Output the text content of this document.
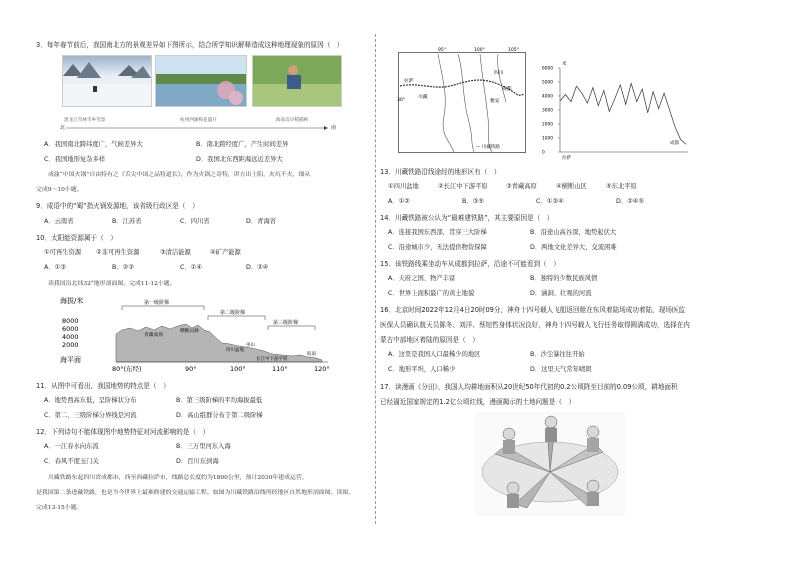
3．每年春节前后，我国南北方的景观差异如下图所示，结合所学知识解释造成这种地理现象的原因（　）

黑龙江雪林雪乡雪景	杭州西湖梅花盛开	海南岛早稻插秧
北	南

A．我国南北跨纬度广，气候差异大	B．南北跨经度广，产生时间差异

C．我国地形复杂多样	D．我国北东西距海远近差异大

成渝“中国火锅”自由特有之《舌尖中国之品特道长》，作为火锅之奇特，讲方出土阳，火坑不火，细从

完成9～10小题。

9．成语中的“蜀”指火锅发源地，该省级行政区是（　）

A．云南省	B．江苏省	C．四川省	D．青海省

10．太阳能资源属于（　）

①可再生资源 ②非可再生资源	③清洁能源	④矿产能源

A．①③	B．②③	C．①④	D．②④

读我国沿北纬32°地形剖面图，完成11-12小题。

海拔/米
8000
6000
4000
2000
海平面
第一级阶梯
第二级阶梯
第三级阶梯
青藏高原
横断山脉
四川盆地
巫山
长江中下游平原
皖南
80°(东经)	90°	100°	110°	120°

11．从图中可看出，我国地势的特点是（　）

A．地势西高东低，呈阶梯状分布	B．第三级阶梯的平均海拔最低

C．第二、三级阶梯分界线是河流	D．高山组群分布于第二级阶梯

12．下列诗句不能体现图中地势特征对河流影响的是（　）

A．一江春水向东流	B．三万里河东入海

C．春风不度玉门关	D．百川东到海

川藏铁路东起四川省成都市，西至西藏拉萨市，线路总长度约为1800公里，预计2030年建成运营，

是我国第二条进藏铁路，也是当今世界上最难修建的交通运输工程。如图为川藏铁路沿线所经地区自然地形剖面图。读图，

完成13-15小题。

95°	100°	105°
30°
拉萨
川藏
雅安
成都
四川
— 川藏铁路
米
6000
5000
4000
3000
2000
1000
0
拉萨
成都

13．川藏铁路沿线途经的地形区有（　）

①四川盆地	②长江中下游平原	③青藏高原	④横断山区	⑤东北平原

A．①②	B．③⑤	C．①③④	D．②④⑤

14．川藏铁路被公认为“最难建铁路”，其主要原因是（　）

A．连接我国东西部，贯穿三大阶梯	B．沿途山高谷深，地势起伏大

C．沿途城市少，无法提供物资保障	D．两地文化差异大，交流困难

15．该铁路线乘坐动车从成都到拉萨，沿途不可能看到（　）

A．天府之国、物产丰富	B．独特的少数民族风情

C．世界上面积最广的黄土地貌	D．涵洞、壮观的河流

16．北京时间2022年12月4日20时09分，神舟十四号载人飞船返回舱在东风着陆场成功着陆，现场医监

医保人员确认航天员陈冬、刘洋、蔡旭哲身体状况良好，神舟十四号载人飞行任务取得圆满成功，选择在内

蒙古中部地区着陆的原因是（　）

A．这里是我国人口最稀少的地区	B．沙尘暴往往开始

C．地形平坦，人口稀少	D．这里天气常年晴朗

17．读漫画《分田》，我国人均耕地面积从20世纪50年代初的0.2公顷降至目前的0.09公顷，耕地面积

已经逼近国家规定的1.2亿公顷红线，漫画揭示的土地问题是（　）
